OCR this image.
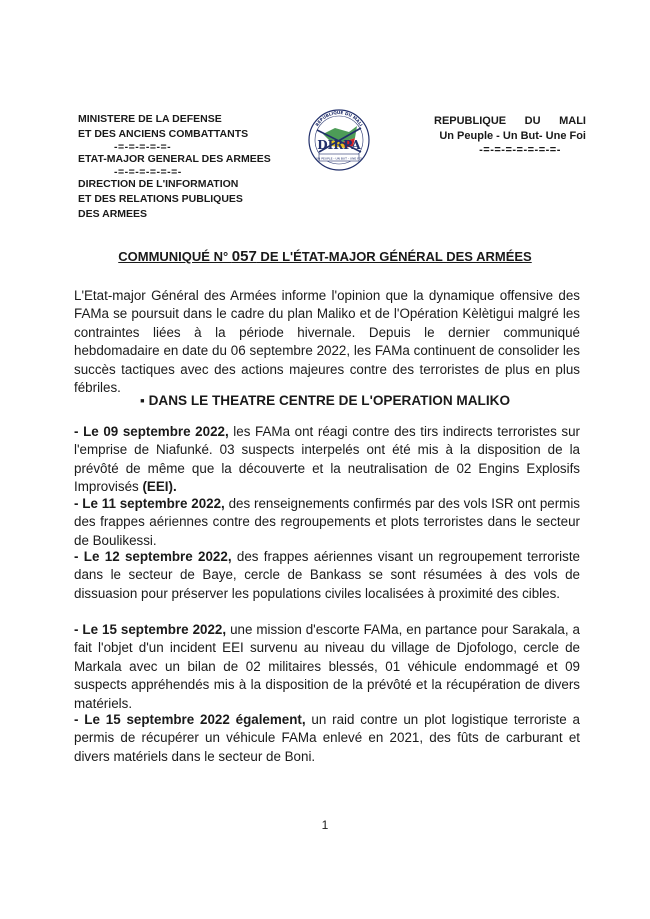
MINISTERE DE LA DEFENSE
ET DES ANCIENS COMBATTANTS
-=-=-=-=-=-
ETAT-MAJOR GENERAL DES ARMEES
-=-=-=-=-=-=-
DIRECTION DE L'INFORMATION
ET DES RELATIONS PUBLIQUES
DES ARMEES
REPUBLIQUE DU MALI
DIRPA
UN PEUPLE - UN BUT - UNE FOI
REPUBLIQUE DU MALI
Un Peuple - Un But- Une Foi
-=-=-=-=-=-=-=-
COMMUNIQUÉ N° 057 DE L'ÉTAT-MAJOR GÉNÉRAL DES ARMÉES
L'Etat-major Général des Armées informe l'opinion que la dynamique offensive des FAMa se poursuit dans le cadre du plan Maliko et de l'Opération Kèlètigui malgré les contraintes liées à la période hivernale. Depuis le dernier communiqué hebdomadaire en date du 06 septembre 2022, les FAMa continuent de consolider les succès tactiques avec des actions majeures contre des terroristes de plus en plus fébriles.
▪ DANS LE THEATRE CENTRE DE L'OPERATION MALIKO
- Le 09 septembre 2022, les FAMa ont réagi contre des tirs indirects terroristes sur l'emprise de Niafunké. 03 suspects interpelés ont été mis à la disposition de la prévôté de même que la découverte et la neutralisation de 02 Engins Explosifs Improvisés (EEI).
- Le 11 septembre 2022, des renseignements confirmés par des vols ISR ont permis des frappes aériennes contre des regroupements et plots terroristes dans le secteur de Boulikessi.
- Le 12 septembre 2022, des frappes aériennes visant un regroupement terroriste dans le secteur de Baye, cercle de Bankass se sont résumées à des vols de dissuasion pour préserver les populations civiles localisées à proximité des cibles.
- Le 15 septembre 2022, une mission d'escorte FAMa, en partance pour Sarakala, a fait l'objet d'un incident EEI survenu au niveau du village de Djofologo, cercle de Markala avec un bilan de 02 militaires blessés, 01 véhicule endommagé et 09 suspects appréhendés mis à la disposition de la prévôté et la récupération de divers matériels.
- Le 15 septembre 2022 également, un raid contre un plot logistique terroriste a permis de récupérer un véhicule FAMa enlevé en 2021, des fûts de carburant et divers matériels dans le secteur de Boni.
1
